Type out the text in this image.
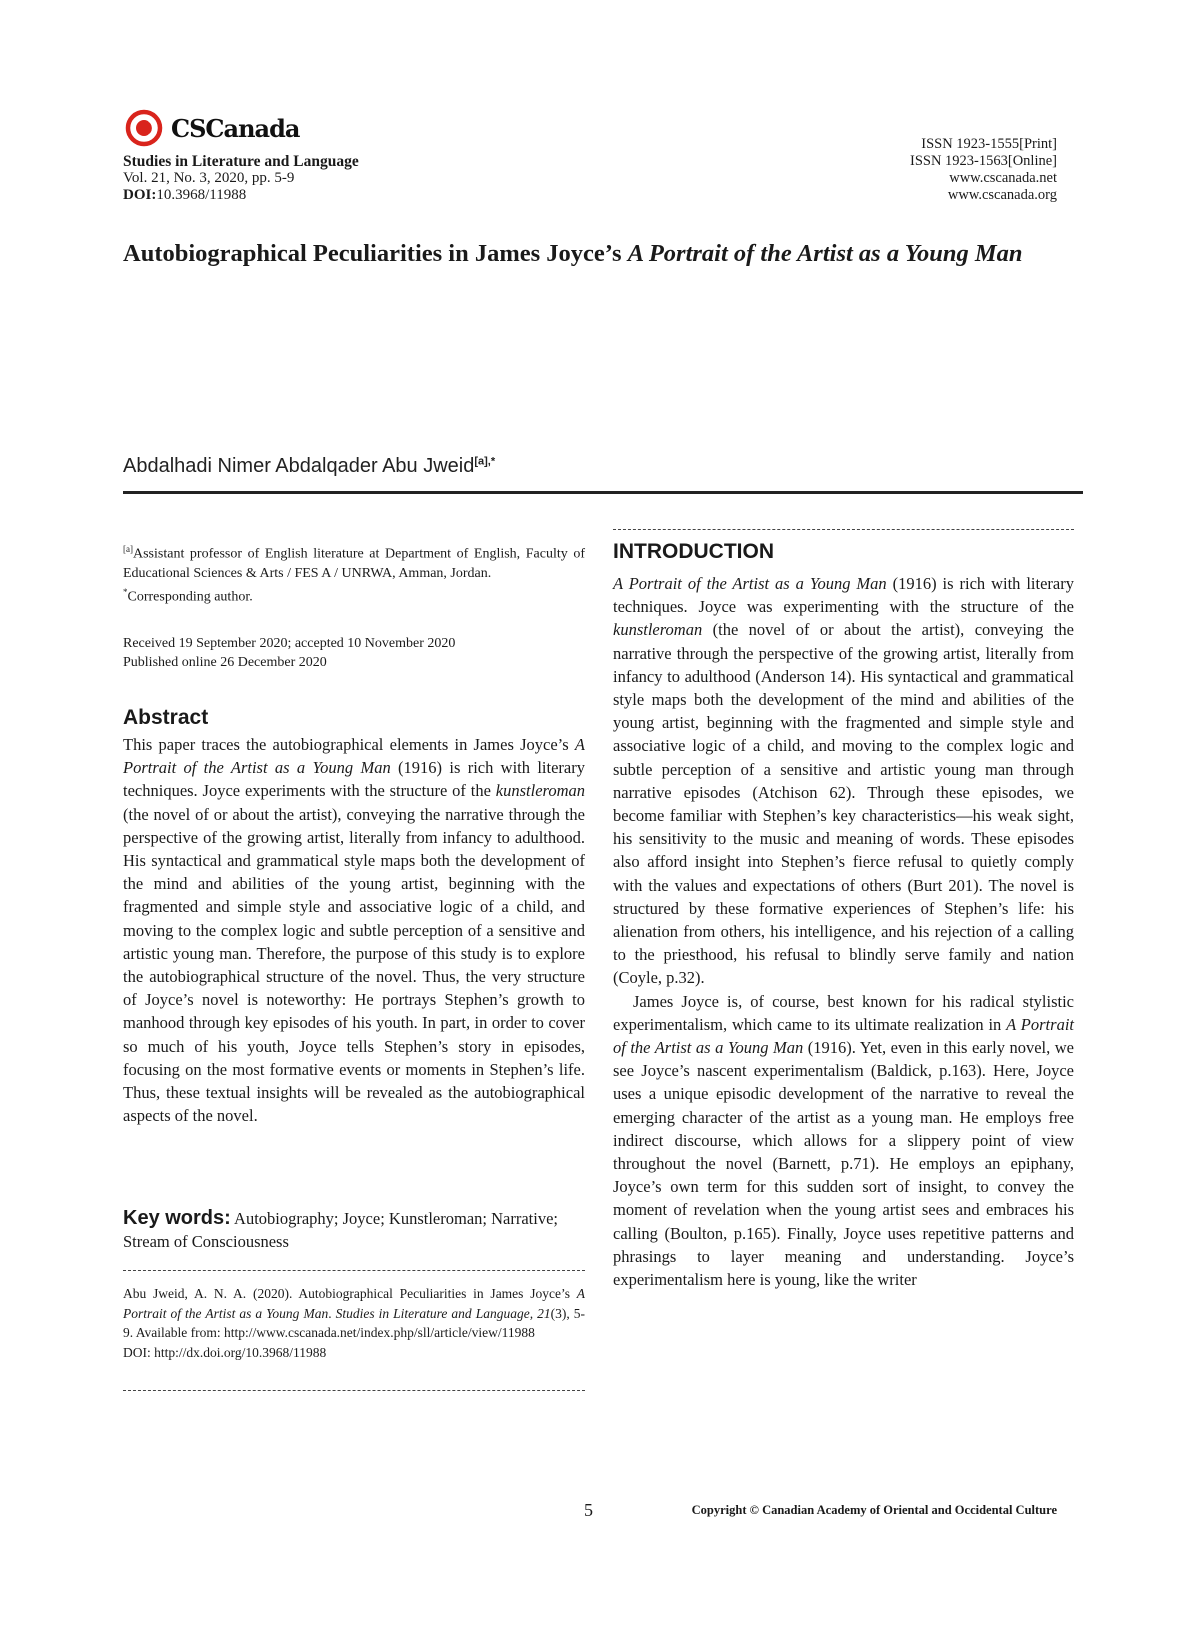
CSCanada
Studies in Literature and Language
Vol. 21, No. 3, 2020, pp. 5-9
DOI:10.3968/11988
ISSN 1923-1555[Print]
ISSN 1923-1563[Online]
www.cscanada.net
www.cscanada.org
Autobiographical Peculiarities in James Joyce’s A Portrait of the Artist as a Young Man
Abdalhadi Nimer Abdalqader Abu Jweid$^{[a],*}$
[a]Assistant professor of English literature at Department of English, Faculty of Educational Sciences & Arts / FES A / UNRWA, Amman, Jordan.
*Corresponding author.
Received 19 September 2020; accepted 10 November 2020
Published online 26 December 2020
Abstract
This paper traces the autobiographical elements in James Joyce’s A Portrait of the Artist as a Young Man (1916) is rich with literary techniques. Joyce experiments with the structure of the kunstleroman (the novel of or about the artist), conveying the narrative through the perspective of the growing artist, literally from infancy to adulthood. His syntactical and grammatical style maps both the development of the mind and abilities of the young artist, beginning with the fragmented and simple style and associative logic of a child, and moving to the complex logic and subtle perception of a sensitive and artistic young man. Therefore, the purpose of this study is to explore the autobiographical structure of the novel. Thus, the very structure of Joyce’s novel is noteworthy: He portrays Stephen’s growth to manhood through key episodes of his youth. In part, in order to cover so much of his youth, Joyce tells Stephen’s story in episodes, focusing on the most formative events or moments in Stephen’s life. Thus, these textual insights will be revealed as the autobiographical aspects of the novel.
Key words: Autobiography; Joyce; Kunstleroman; Narrative; Stream of Consciousness
Abu Jweid, A. N. A. (2020). Autobiographical Peculiarities in James Joyce’s A Portrait of the Artist as a Young Man. Studies in Literature and Language, 21(3), 5-9. Available from: http://www.cscanada.net/index.php/sll/article/view/11988
DOI: http://dx.doi.org/10.3968/11988
INTRODUCTION

A Portrait of the Artist as a Young Man (1916) is rich with literary techniques. Joyce was experimenting with the structure of the kunstleroman (the novel of or about the artist), conveying the narrative through the perspective of the growing artist, literally from infancy to adulthood (Anderson 14). His syntactical and grammatical style maps both the development of the mind and abilities of the young artist, beginning with the fragmented and simple style and associative logic of a child, and moving to the complex logic and subtle perception of a sensitive and artistic young man through narrative episodes (Atchison 62). Through these episodes, we become familiar with Stephen’s key characteristics—his weak sight, his sensitivity to the music and meaning of words. These episodes also afford insight into Stephen’s fierce refusal to quietly comply with the values and expectations of others (Burt 201). The novel is structured by these formative experiences of Stephen’s life: his alienation from others, his intelligence, and his rejection of a calling to the priesthood, his refusal to blindly serve family and nation (Coyle, p.32).

James Joyce is, of course, best known for his radical stylistic experimentalism, which came to its ultimate realization in A Portrait of the Artist as a Young Man (1916). Yet, even in this early novel, we see Joyce’s nascent experimentalism (Baldick, p.163). Here, Joyce uses a unique episodic development of the narrative to reveal the emerging character of the artist as a young man. He employs free indirect discourse, which allows for a slippery point of view throughout the novel (Barnett, p.71). He employs an epiphany, Joyce’s own term for this sudden sort of insight, to convey the moment of revelation when the young artist sees and embraces his calling (Boulton, p.165). Finally, Joyce uses repetitive patterns and phrasings to layer meaning and understanding. Joyce’s experimentalism here is young, like the writer

5	Copyright © Canadian Academy of Oriental and Occidental Culture
